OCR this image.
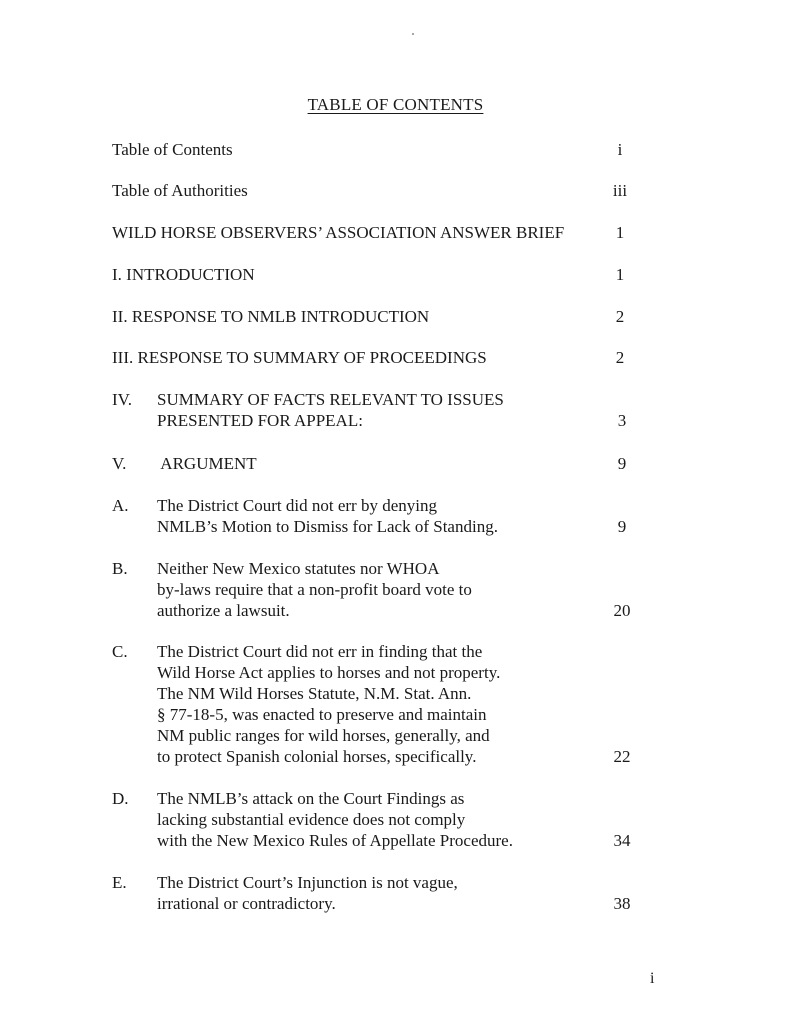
TABLE OF CONTENTS
Table of Contents	i
Table of Authorities	iii
WILD HORSE OBSERVERS’ ASSOCIATION ANSWER BRIEF	1
I. INTRODUCTION	1
II. RESPONSE TO NMLB INTRODUCTION	2
III. RESPONSE TO SUMMARY OF PROCEEDINGS	2
IV. SUMMARY OF FACTS RELEVANT TO ISSUES
PRESENTED FOR APPEAL:	3
V. ARGUMENT	9
A. The District Court did not err by denying
NMLB’s Motion to Dismiss for Lack of Standing.	9
B. Neither New Mexico statutes nor WHOA
by-laws require that a non-profit board vote to
authorize a lawsuit.	20
C. The District Court did not err in finding that the
Wild Horse Act applies to horses and not property.
The NM Wild Horses Statute, N.M. Stat. Ann.
§ 77-18-5, was enacted to preserve and maintain
NM public ranges for wild horses, generally, and
to protect Spanish colonial horses, specifically.	22
D. The NMLB’s attack on the Court Findings as
lacking substantial evidence does not comply
with the New Mexico Rules of Appellate Procedure.	34
E. The District Court’s Injunction is not vague,
irrational or contradictory.	38
i
